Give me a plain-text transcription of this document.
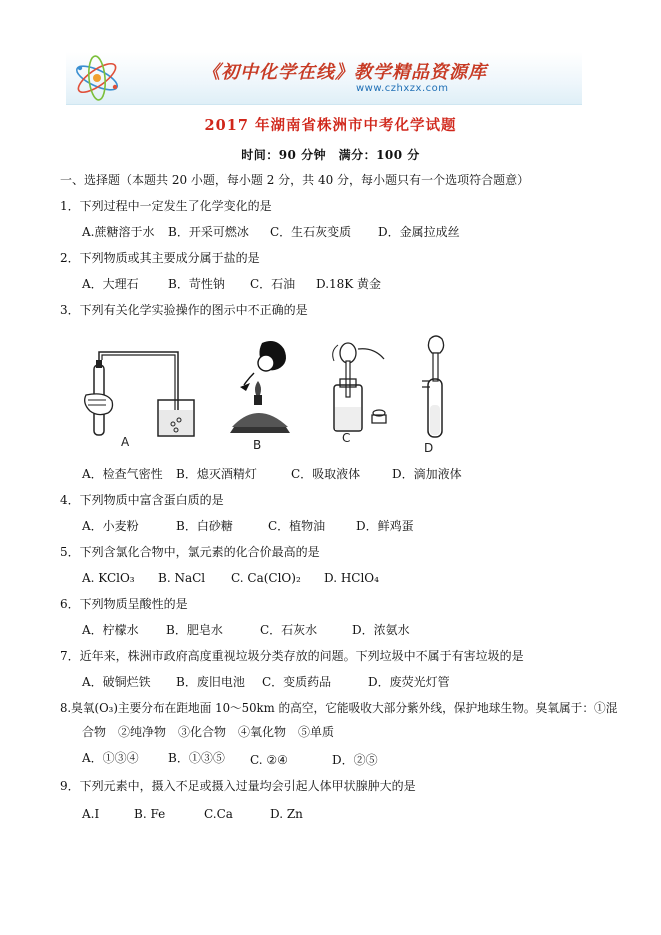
《初中化学在线》教学精品资源库
www.czhxzx.com
2017 年湖南省株洲市中考化学试题
时间：90 分钟　满分：100 分
一、选择题（本题共 20 小题，每小题 2 分，共 40 分，每小题只有一个选项符合题意）
1．下列过程中一定发生了化学变化的是
A.蔗糖溶于水 B．开采可燃冰 C．生石灰变质 D．金属拉成丝
2．下列物质或其主要成分属于盐的是
A．大理石 B．苛性钠 C．石油 D.18K 黄金
3．下列有关化学实验操作的图示中不正确的是
A	B	C
D
A．检查气密性 B．熄灭酒精灯	C．吸取液体	D．滴加液体
4．下列物质中富含蛋白质的是
A．小麦粉	B．白砂糖	C．植物油	D．鲜鸡蛋
5．下列含氯化合物中，氯元素的化合价最高的是
A. KClO₃ B. NaCl C. Ca(ClO)₂ D. HClO₄
6．下列物质呈酸性的是
A．柠檬水 B．肥皂水	C．石灰水	D．浓氨水
7．近年来，株洲市政府高度重视垃圾分类存放的问题。下列垃圾中不属于有害垃圾的是
A．破铜烂铁 B．废旧电池 C．变质药品	D．废荧光灯管
8.臭氧(O₃)主要分布在距地面 10～50km 的高空，它能吸收大部分紫外线，保护地球生物。臭氧属于：①混
合物　②纯净物　③化合物　④氧化物　⑤单质
A．①③④ B．①③⑤ C. ②④	D．②⑤
9．下列元素中，摄入不足或摄入过量均会引起人体甲状腺肿大的是
A.I	B. Fe	C.Ca	D. Zn
